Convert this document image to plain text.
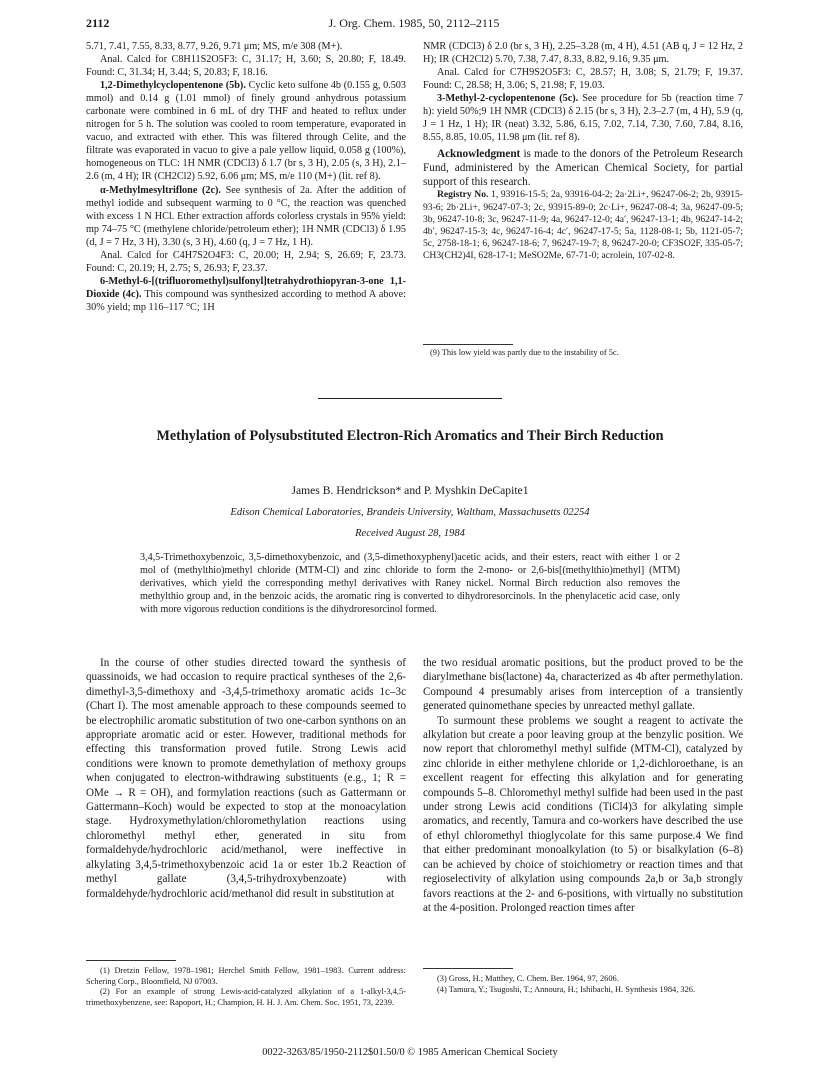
2112	J. Org. Chem. 1985, 50, 2112–2115

5.71, 7.41, 7.55, 8.33, 8.77, 9.26, 9.71 μm; MS, m/e 308 (M+).

Anal. Calcd for C8H11S2O5F3: C, 31.17; H, 3.60; S, 20.80; F, 18.49. Found: C, 31.34; H, 3.44; S, 20.83; F, 18.16.

1,2-Dimethylcyclopentenone (5b). Cyclic keto sulfone 4b (0.155 g, 0.503 mmol) and 0.14 g (1.01 mmol) of finely ground anhydrous potassium carbonate were combined in 6 mL of dry THF and heated to reflux under nitrogen for 5 h. The solution was cooled to room temperature, evaporated in vacuo, and extracted with ether. This was filtered through Celite, and the filtrate was evaporated in vacuo to give a pale yellow liquid, 0.058 g (100%), homogeneous on TLC: 1H NMR (CDCl3) δ 1.7 (br s, 3 H), 2.05 (s, 3 H), 2.1–2.6 (m, 4 H); IR (CH2Cl2) 5.92, 6.06 μm; MS, m/e 110 (M+) (lit. ref 8).

α-Methylmesyltriflone (2c). See synthesis of 2a. After the addition of methyl iodide and subsequent warming to 0 °C, the reaction was quenched with excess 1 N HCl. Ether extraction affords colorless crystals in 95% yield: mp 74–75 °C (methylene chloride/petroleum ether); 1H NMR (CDCl3) δ 1.95 (d, J = 7 Hz, 3 H), 3.30 (s, 3 H), 4.60 (q, J = 7 Hz, 1 H).

Anal. Calcd for C4H7S2O4F3: C, 20.00; H, 2.94; S, 26.69; F, 23.73. Found: C, 20.19; H, 2.75; S, 26.93; F, 23.37.

6-Methyl-6-[(trifluoromethyl)sulfonyl]tetrahydrothiopyran-3-one 1,1-Dioxide (4c). This compound was synthesized according to method A above: 30% yield; mp 116–117 °C; 1H

NMR (CDCl3) δ 2.0 (br s, 3 H), 2.25–3.28 (m, 4 H), 4.51 (AB q, J = 12 Hz, 2 H); IR (CH2Cl2) 5.70, 7.38, 7.47, 8.33, 8.82, 9.16, 9.35 μm.

Anal. Calcd for C7H9S2O5F3: C, 28.57; H, 3.08; S, 21.79; F, 19.37. Found: C, 28.58; H, 3.06; S, 21.98; F, 19.03.

3-Methyl-2-cyclopentenone (5c). See procedure for 5b (reaction time 7 h): yield 50%;9 1H NMR (CDCl3) δ 2.15 (br s, 3 H), 2.3–2.7 (m, 4 H), 5.9 (q, J = 1 Hz, 1 H); IR (neat) 3.32, 5.86, 6.15, 7.02, 7.14, 7.30, 7.60, 7.84, 8.16, 8.55, 8.85, 10.05, 11.98 μm (lit. ref 8).

Acknowledgment is made to the donors of the Petroleum Research Fund, administered by the American Chemical Society, for partial support of this research.

Registry No. 1, 93916-15-5; 2a, 93916-04-2; 2a·2Li+, 96247-06-2; 2b, 93915-93-6; 2b·2Li+, 96247-07-3; 2c, 93915-89-0; 2c·Li+, 96247-08-4; 3a, 96247-09-5; 3b, 96247-10-8; 3c, 96247-11-9; 4a, 96247-12-0; 4a′, 96247-13-1; 4b, 96247-14-2; 4b′, 96247-15-3; 4c, 96247-16-4; 4c′, 96247-17-5; 5a, 1128-08-1; 5b, 1121-05-7; 5c, 2758-18-1; 6, 96247-18-6; 7, 96247-19-7; 8, 96247-20-0; CF3SO2F, 335-05-7; CH3(CH2)4I, 628-17-1; MeSO2Me, 67-71-0; acrolein, 107-02-8.

(9) This low yield was partly due to the instability of 5c.

Methylation of Polysubstituted Electron-Rich Aromatics and Their Birch Reduction
James B. Hendrickson* and P. Myshkin DeCapite1
Edison Chemical Laboratories, Brandeis University, Waltham, Massachusetts 02254
Received August 28, 1984
3,4,5-Trimethoxybenzoic, 3,5-dimethoxybenzoic, and (3,5-dimethoxyphenyl)acetic acids, and their esters, react with either 1 or 2 mol of (methylthio)methyl chloride (MTM-Cl) and zinc chloride to form the 2-mono- or 2,6-bis[(methylthio)methyl] (MTM) derivatives, which yield the corresponding methyl derivatives with Raney nickel. Normal Birch reduction also removes the methylthio group and, in the benzoic acids, the aromatic ring is converted to dihydroresorcinols. In the phenylacetic acid case, only with more vigorous reduction conditions is the dihydroresorcinol formed.

In the course of other studies directed toward the synthesis of quassinoids, we had occasion to require practical syntheses of the 2,6-dimethyl-3,5-dimethoxy and -3,4,5-trimethoxy aromatic acids 1c–3c (Chart I). The most amenable approach to these compounds seemed to be electrophilic aromatic substitution of two one-carbon synthons on an appropriate aromatic acid or ester. However, traditional methods for effecting this transformation proved futile. Strong Lewis acid conditions were known to promote demethylation of methoxy groups when conjugated to electron-withdrawing substituents (e.g., 1; R = OMe → R = OH), and formylation reactions (such as Gattermann or Gattermann–Koch) would be expected to stop at the monoacylation stage. Hydroxymethylation/chloromethylation reactions using chloromethyl methyl ether, generated in situ from formaldehyde/hydrochloric acid/methanol, were ineffective in alkylating 3,4,5-trimethoxybenzoic acid 1a or ester 1b.2 Reaction of methyl gallate (3,4,5-trihydroxybenzoate) with formaldehyde/hydrochloric acid/methanol did result in substitution at

the two residual aromatic positions, but the product proved to be the diarylmethane bis(lactone) 4a, characterized as 4b after permethylation. Compound 4 presumably arises from interception of a transiently generated quinomethane species by unreacted methyl gallate.

To surmount these problems we sought a reagent to activate the alkylation but create a poor leaving group at the benzylic position. We now report that chloromethyl methyl sulfide (MTM-Cl), catalyzed by zinc chloride in either methylene chloride or 1,2-dichloroethane, is an excellent reagent for effecting this alkylation and for generating compounds 5–8. Chloromethyl methyl sulfide had been used in the past under strong Lewis acid conditions (TiCl4)3 for alkylating simple aromatics, and recently, Tamura and co-workers have described the use of ethyl chloromethyl thioglycolate for this same purpose.4 We find that either predominant monoalkylation (to 5) or bisalkylation (6–8) can be achieved by choice of stoichiometry or reaction times and that regioselectivity of alkylation using compounds 2a,b or 3a,b strongly favors reactions at the 2- and 6-positions, with virtually no substitution at the 4-position. Prolonged reaction times after

(1) Dretzin Fellow, 1978–1981; Herchel Smith Fellow, 1981–1983. Current address: Schering Corp., Bloomfield, NJ 07003.

(2) For an example of strong Lewis-acid-catalyzed alkylation of a 1-alkyl-3,4,5-trimethoxybenzene, see: Rapoport, H.; Champion, H. H. J. Am. Chem. Soc. 1951, 73, 2239.

(3) Gross, H.; Matthey, C. Chem. Ber. 1964, 97, 2606.

(4) Tamura, Y.; Tsugoshi, T.; Annoura, H.; Ishibachi, H. Synthesis 1984, 326.

0022-3263/85/1950-2112$01.50/0 © 1985 American Chemical Society
